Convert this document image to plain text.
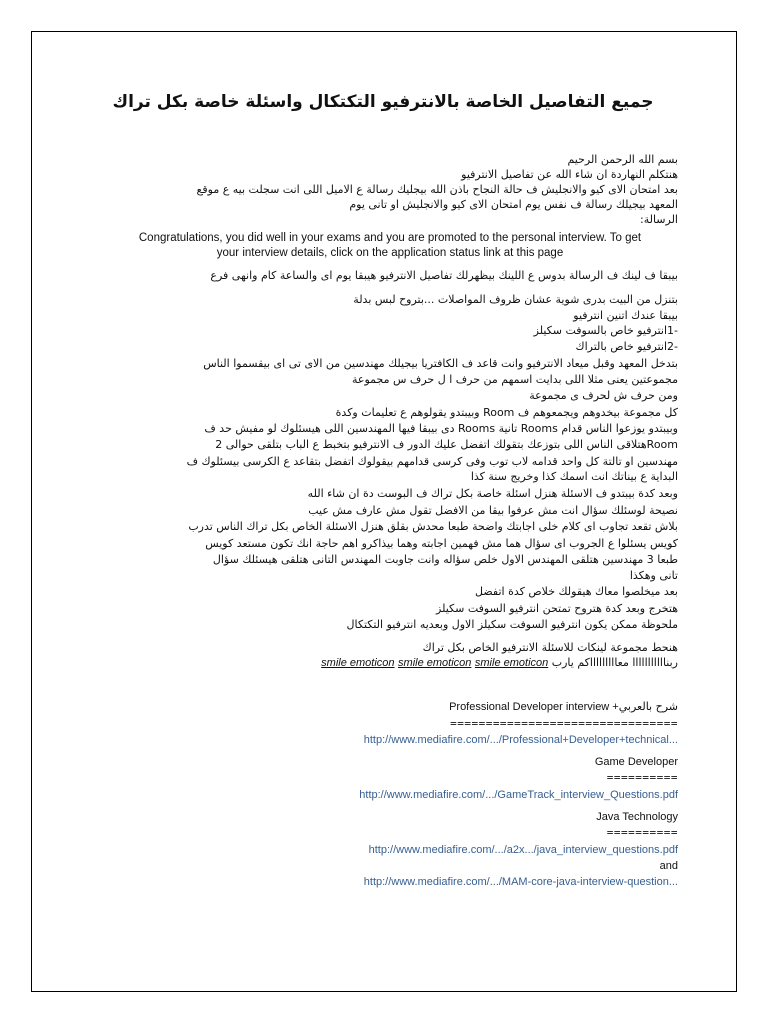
جميع التفاصيل الخاصة بالانترفيو التكتكال واسئلة خاصة بكل تراك
بسم الله الرحمن الرحيم
هنتكلم النهاردة ان شاء الله عن تفاصيل الانترفيو
بعد امتحان الاى كيو والانجليش ف حالة النجاح باذن الله بيجليك رسالة ع الاميل اللى انت سجلت بيه ع موقع
المعهد بيجيلك رسالة ف نفس يوم امتحان الاى كيو والانجليش او تانى يوم
الرسالة:
Congratulations, you did well in your exams and you are promoted to the personal interview. To get
your interview details, click on the application status link at this page
بيبقا ف لينك ف الرسالة بدوس ع اللينك بيظهرلك تفاصيل الانترفيو هيبقا يوم اى والساعة كام وانهى فرع
بتنزل من البيت بدرى شوية عشان ظروف المواصلات ...بتروح لبس بدلة
بيبقا عندك اتنين انترفيو
-1انترفيو خاص بالسوفت سكيلز
-2انترفيو خاص بالتراك
بتدخل المعهد وقبل ميعاد الانترفيو وانت قاعد ف الكافتريا بيجيلك مهندسين من الاى تى اى بيقسموا الناس
مجموعتين يعنى مثلا اللى بدايت اسمهم من حرف ا ل حرف س مجموعة
ومن حرف ش لحرف ى مجموعة
كل مجموعة بيخدوهم ويجمعوهم ف Room وبيبتدو يقولوهم ع تعليمات وكدة
وبيبتدو يوزعوا الناس قدام Rooms تانية Rooms دى بيبقا فيها المهندسين اللى هيسئلوك لو مفيش حد ف
Roomهتلاقى الناس اللى بتوزعك بتقولك اتفضل عليك الدور ف الانترفيو بتخبط ع الباب بتلقى حوالى 2
مهندسين او تالتة كل واحد قدامه لاب توب وفى كرسى قدامهم بيقولوك اتفضل بتقاعد ع الكرسى بيسئلوك ف
البداية ع بيناتك انت اسمك كذا وخريج سنة كذا
وبعد كدة بيبتدو ف الاسئلة هنزل اسئلة خاصة بكل تراك ف البوست دة ان شاء الله
نصيحة لوسئلك سؤال انت مش عرفوا بيقا من الافضل تقول مش عارف مش عيب
بلاش تقعد تجاوب اى كلام خلى اجابتك واضحة طبعا محدش بقلق هنزل الاسئلة الخاص بكل تراك الناس تدرب
كويس يسئلوا ع الجروب اى سؤال هما مش فهمين اجابته وهما بيذاكرو اهم حاجة انك تكون مستعد كويس
طبعا 3 مهندسين هتلقى المهندس الاول خلص سؤاله وانت جاوبت المهندس التانى هتلقى هيسئلك سؤال
تانى وهكذا
بعد ميخلصوا معاك هيقولك خلاص كدة اتفضل
هتخرج وبعد كدة هتروح تمتحن انترفيو السوفت سكيلز
ملحوظة ممكن يكون انترفيو السوفت سكيلز الاول وبعديه انترفيو التكتكال
هنحط مجموعة لينكات للاسئلة الانترفيو الخاص بكل تراك
ربنااااااااااا معاااااااااكم يارب smile emoticon smile emoticon smile emoticon
شرح بالعربي+ Professional Developer interview
================================
http://www.mediafire.com/.../Professional+Developer+technical...
Game Developer
==========
http://www.mediafire.com/.../GameTrack_interview_Questions.pdf
Java Technology
==========
http://www.mediafire.com/.../a2x.../java_interview_questions.pdf
and
http://www.mediafire.com/.../MAM-core-java-interview-question...
